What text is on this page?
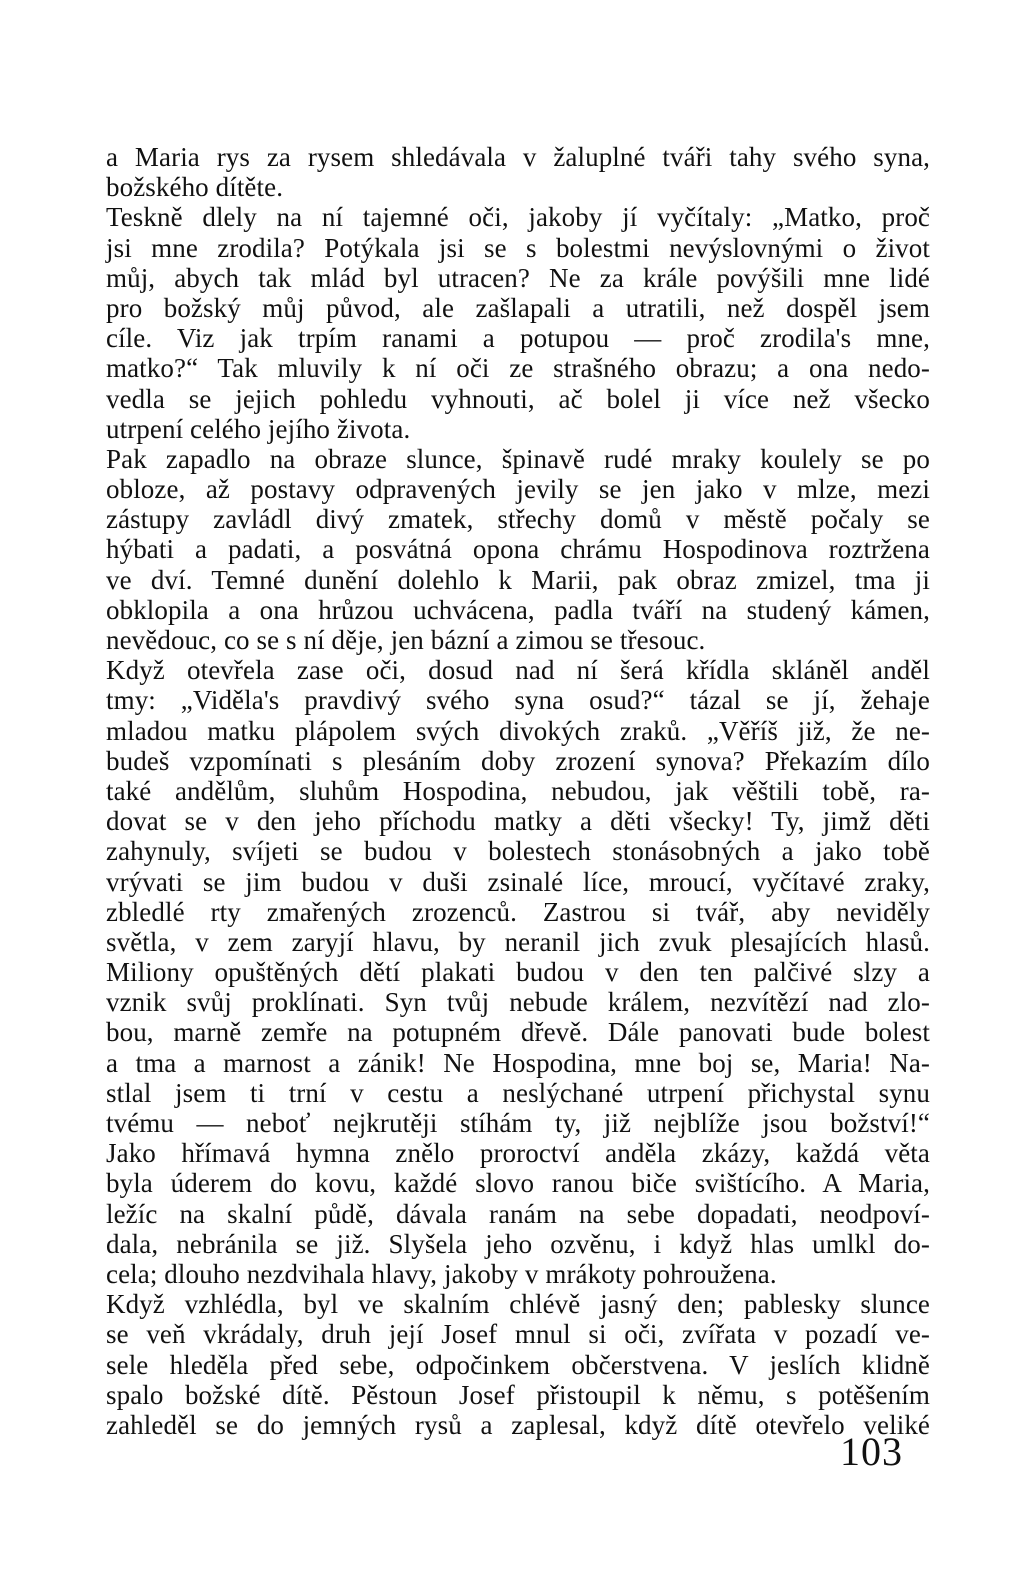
a Maria rys za rysem shledávala v žaluplné tváři tahy svého syna,
božského dítěte.
Teskně dlely na ní tajemné oči, jakoby jí vyčítaly: „Matko, proč
jsi mne zrodila? Potýkala jsi se s bolestmi nevýslovnými o život
můj, abych tak mlád byl utracen? Ne za krále povýšili mne lidé
pro božský můj původ, ale zašlapali a utratili, než dospěl jsem
cíle. Viz jak trpím ranami a potupou — proč zrodila's mne,
matko?“ Tak mluvily k ní oči ze strašného obrazu; a ona nedo-
vedla se jejich pohledu vyhnouti, ač bolel ji více než všecko
utrpení celého jejího života.
Pak zapadlo na obraze slunce, špinavě rudé mraky koulely se po
obloze, až postavy odpravených jevily se jen jako v mlze, mezi
zástupy zavládl divý zmatek, střechy domů v městě počaly se
hýbati a padati, a posvátná opona chrámu Hospodinova roztržena
ve dví. Temné dunění dolehlo k Marii, pak obraz zmizel, tma ji
obklopila a ona hrůzou uchvácena, padla tváří na studený kámen,
nevědouc, co se s ní děje, jen bázní a zimou se třesouc.
Když otevřela zase oči, dosud nad ní šerá křídla skláněl anděl
tmy: „Viděla's pravdivý svého syna osud?“ tázal se jí, žehaje
mladou matku plápolem svých divokých zraků. „Věříš již, že ne-
budeš vzpomínati s plesáním doby zrození synova? Překazím dílo
také andělům, sluhům Hospodina, nebudou, jak věštili tobě, ra-
dovat se v den jeho příchodu matky a děti všecky! Ty, jimž děti
zahynuly, svíjeti se budou v bolestech stonásobných a jako tobě
vrývati se jim budou v duši zsinalé líce, mroucí, vyčítavé zraky,
zbledlé rty zmařených zrozenců. Zastrou si tvář, aby neviděly
světla, v zem zaryjí hlavu, by neranil jich zvuk plesajících hlasů.
Miliony opuštěných dětí plakati budou v den ten palčivé slzy a
vznik svůj proklínati. Syn tvůj nebude králem, nezvítězí nad zlo-
bou, marně zemře na potupném dřevě. Dále panovati bude bolest
a tma a marnost a zánik! Ne Hospodina, mne boj se, Maria! Na-
stlal jsem ti trní v cestu a neslýchané utrpení přichystal synu
tvému — neboť nejkrutěji stíhám ty, již nejblíže jsou božství!“
Jako hřímavá hymna znělo proroctví anděla zkázy, každá věta
byla úderem do kovu, každé slovo ranou biče svištícího. A Maria,
ležíc na skalní půdě, dávala ranám na sebe dopadati, neodpoví-
dala, nebránila se již. Slyšela jeho ozvěnu, i když hlas umlkl do-
cela; dlouho nezdvihala hlavy, jakoby v mrákoty pohroužena.
Když vzhlédla, byl ve skalním chlévě jasný den; pablesky slunce
se veň vkrádaly, druh její Josef mnul si oči, zvířata v pozadí ve-
sele hleděla před sebe, odpočinkem občerstvena. V jeslích klidně
spalo božské dítě. Pěstoun Josef přistoupil k němu, s potěšením
zahleděl se do jemných rysů a zaplesal, když dítě otevřelo veliké
103
